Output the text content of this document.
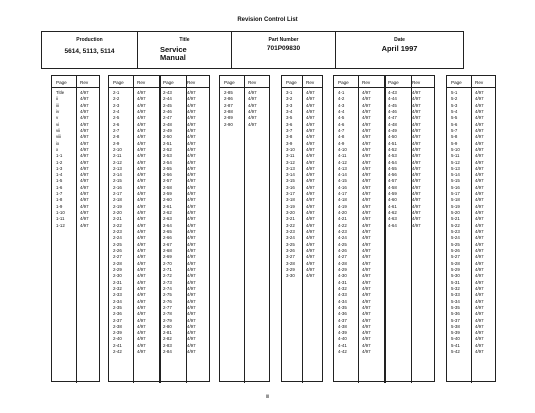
Revision Control List
Production
5614, 5113, 5114
Title
Service
Manual
Part Number
701P09830
Date
April 1997
Page	Rev
Title	4/97
ii	4/97
iii	4/97
iv	4/97
v	4/97
vi	4/97
vii	4/97
viii	4/97
ix	4/97
x	4/97
1-1	4/97
1-2	4/97
1-3	4/97
1-4	4/97
1-5	4/97
1-6	4/97
1-7	4/97
1-8	4/97
1-9	4/97
1-10	4/97
1-11	4/97
1-12	4/97
Page	Rev
2-1	4/97
2-2	4/97
2-3	4/97
2-4	4/97
2-5	4/97
2-6	4/97
2-7	4/97
2-8	4/97
2-9	4/97
2-10	4/97
2-11	4/97
2-12	4/97
2-13	4/97
2-14	4/97
2-15	4/97
2-16	4/97
2-17	4/97
2-18	4/97
2-19	4/97
2-20	4/97
2-21	4/97
2-22	4/97
2-23	4/97
2-24	4/97
2-25	4/97
2-26	4/97
2-27	4/97
2-28	4/97
2-29	4/97
2-30	4/97
2-31	4/97
2-32	4/97
2-33	4/97
2-34	4/97
2-35	4/97
2-36	4/97
2-37	4/97
2-38	4/97
2-39	4/97
2-40	4/97
2-41	4/97
2-42	4/97
Page	Rev
2-43	4/97
2-44	4/97
2-45	4/97
2-46	4/97
2-47	4/97
2-48	4/97
2-49	4/97
2-50	4/97
2-51	4/97
2-52	4/97
2-53	4/97
2-54	4/97
2-55	4/97
2-56	4/97
2-57	4/97
2-58	4/97
2-59	4/97
2-60	4/97
2-61	4/97
2-62	4/97
2-63	4/97
2-64	4/97
2-65	4/97
2-66	4/97
2-67	4/97
2-68	4/97
2-69	4/97
2-70	4/97
2-71	4/97
2-72	4/97
2-73	4/97
2-74	4/97
2-75	4/97
2-76	4/97
2-77	4/97
2-78	4/97
2-79	4/97
2-80	4/97
2-81	4/97
2-82	4/97
2-83	4/97
2-84	4/97
Page	Rev
2-85	4/97
2-86	4/97
2-87	4/97
2-88	4/97
2-89	4/97
2-90	4/97
Page Rev
3-1	4/97
3-2	4/97
3-3	4/97
3-4	4/97
3-5	4/97
3-6	4/97
3-7	4/97
3-8	4/97
3-9	4/97
3-10	4/97
3-11	4/97
3-12	4/97
3-13	4/97
3-14	4/97
3-15	4/97
3-16	4/97
3-17	4/97
3-18	4/97
3-19	4/97
3-20	4/97
3-21	4/97
3-22	4/97
3-23	4/97
3-24	4/97
3-25	4/97
3-26	4/97
3-27	4/97
3-28	4/97
3-29	4/97
3-30	4/97
Page	Rev
4-1	4/97
4-2	4/97
4-3	4/97
4-4	4/97
4-5	4/97
4-6	4/97
4-7	4/97
4-8	4/97
4-9	4/97
4-10	4/97
4-11	4/97
4-12	4/97
4-13	4/97
4-14	4/97
4-15	4/97
4-16	4/97
4-17	4/97
4-18	4/97
4-19	4/97
4-20	4/97
4-21	4/97
4-22	4/97
4-23	4/97
4-24	4/97
4-25	4/97
4-26	4/97
4-27	4/97
4-28	4/97
4-29	4/97
4-30	4/97
4-31	4/97
4-32	4/97
4-33	4/97
4-34	4/97
4-35	4/97
4-36	4/97
4-37	4/97
4-38	4/97
4-39	4/97
4-40	4/97
4-41	4/97
4-42	4/97
Page	Rev
4-43	4/97
4-44	4/97
4-45	4/97
4-46	4/97
4-47	4/97
4-48	4/97
4-49	4/97
4-50	4/97
4-51	4/97
4-52	4/97
4-53	4/97
4-54	4/97
4-55	4/97
4-56	4/97
4-57	4/97
4-58	4/97
4-59	4/97
4-60	4/97
4-61	4/97
4-62	4/97
4-63	4/97
4-64	4/97
Page	Rev
5-1	4/97
5-2	4/97
5-3	4/97
5-4	4/97
5-5	4/97
5-6	4/97
5-7	4/97
5-8	4/97
5-9	4/97
5-10	4/97
5-11	4/97
5-12	4/97
5-13	4/97
5-14	4/97
5-15	4/97
5-16	4/97
5-17	4/97
5-18	4/97
5-19	4/97
5-20	4/97
5-21	4/97
5-22	4/97
5-23	4/97
5-24	4/97
5-25	4/97
5-26	4/97
5-27	4/97
5-28	4/97
5-29	4/97
5-30	4/97
5-31	4/97
5-32	4/97
5-33	4/97
5-34	4/97
5-35	4/97
5-36	4/97
5-37	4/97
5-38	4/97
5-39	4/97
5-40	4/97
5-41	4/97
5-42	4/97
iii
